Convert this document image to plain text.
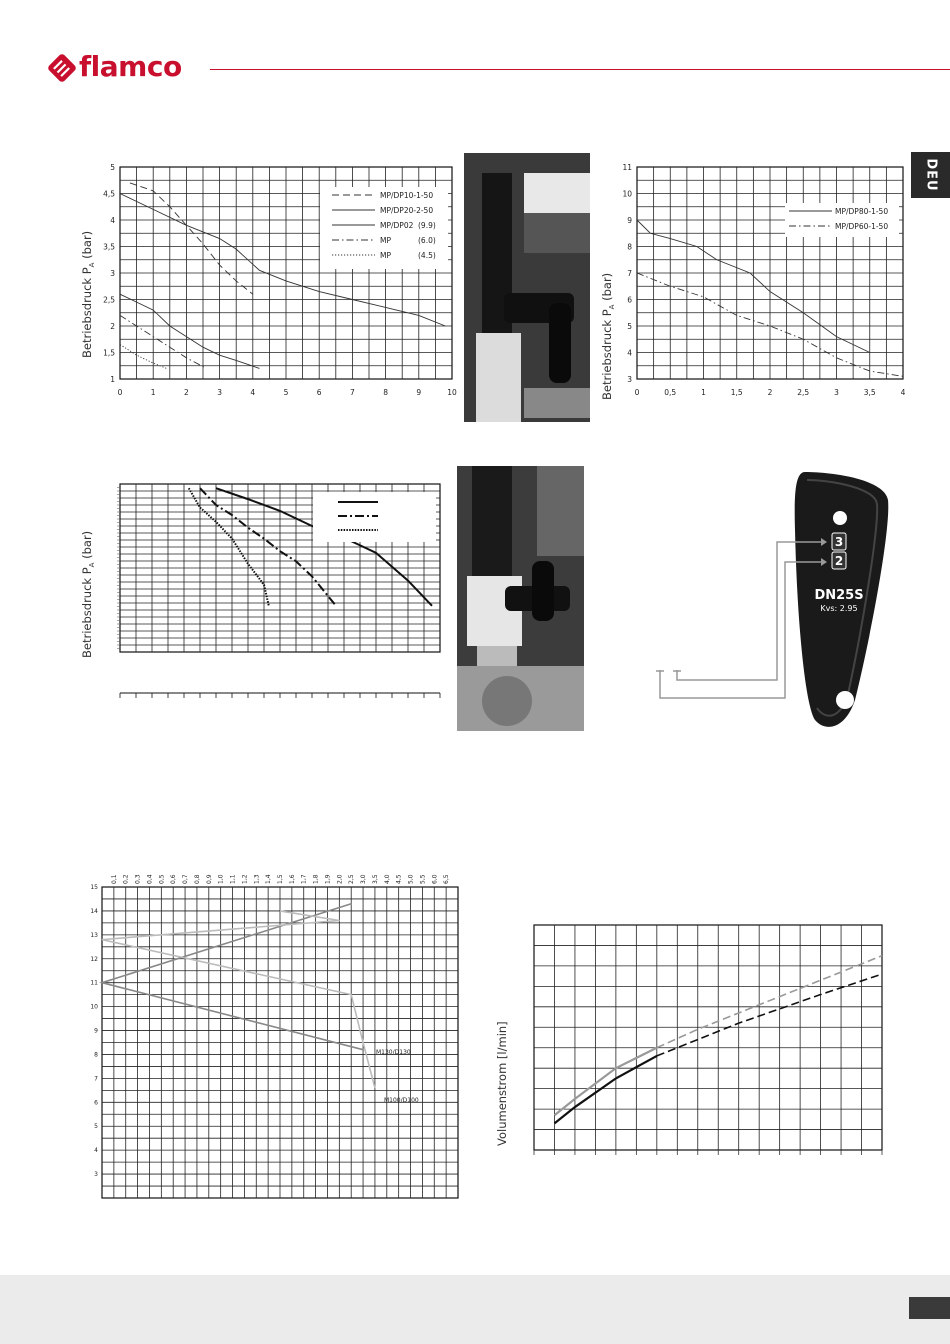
flamco
DEU
Betriebsdruck $P_A$ (bar)
0	1	2	3	4	5	6	7	8	9	10
1
1,5
2
2,5
3
3,5
4
4,5
5
MP/DP10-1-50
MP/DP20-2-50
MP/DP02 (9.9)
MP	(6.0)
MP	(4.5)
Betriebsdruck $P_A$ (bar)
0	0,5	1	1,5	2	2,5	3	3,5	4
3
4
5
6
7
8
9
10
11
MP/DP80-1-50
MP/DP60-1-50
Betriebsdruck $P_A$ (bar)	3
2
DN25S
Kvs: 2.95
0,1 0,2 0,3 0,4 0,5 0,6 0,7 0,8 0,9 1,0 1,1 1,2 1,3 1,4 1,5 1,6 1,7 1,8 1,9 2,0 2,5 3,0 3,5 4,0 4,5 5,0 5,5 6,0 6,5
3
4
5
6
7
8
9
10
11
12
13
14
15
M130/D130
M100/D100	Volumenstrom [l/min]
